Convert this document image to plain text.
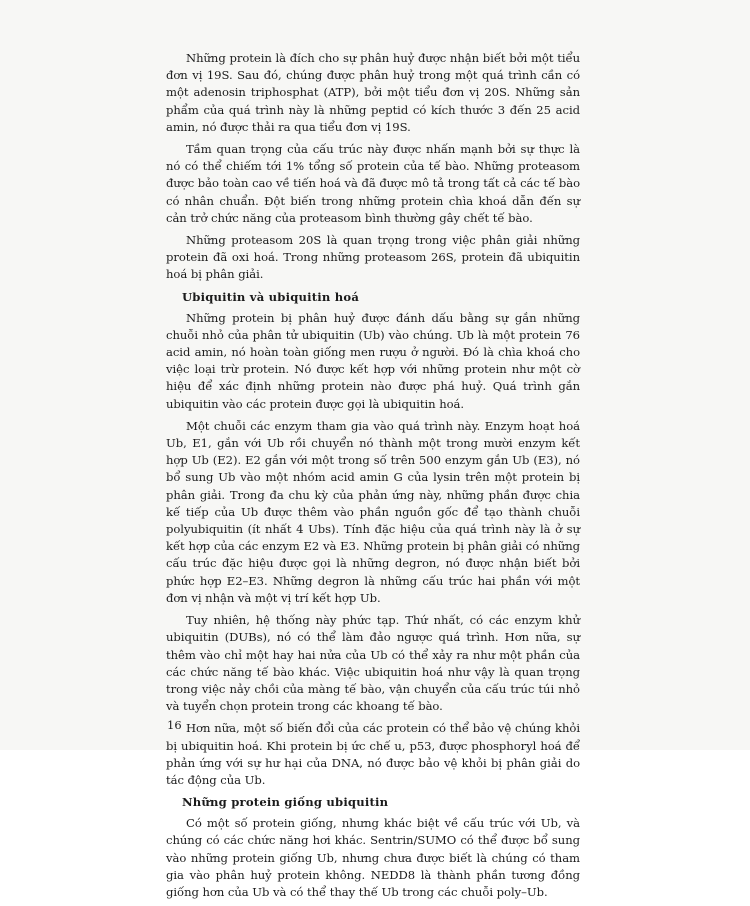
Những protein là đích cho sự phân huỷ được nhận biết bởi một tiểu đơn vị 19S. Sau đó, chúng được phân huỷ trong một quá trình cần có một adenosin triphosphat (ATP), bởi một tiểu đơn vị 20S. Những sản phẩm của quá trình này là những peptid có kích thước 3 đến 25 acid amin, nó được thải ra qua tiểu đơn vị 19S.

Tầm quan trọng của cấu trúc này được nhấn mạnh bởi sự thực là nó có thể chiếm tới 1% tổng số protein của tế bào. Những proteasom được bảo toàn cao về tiến hoá và đã được mô tả trong tất cả các tế bào có nhân chuẩn. Đột biến trong những protein chìa khoá dẫn đến sự cản trở chức năng của proteasom bình thường gây chết tế bào.

Những proteasom 20S là quan trọng trong việc phân giải những protein đã oxi hoá. Trong những proteasom 26S, protein đã ubiquitin hoá bị phân giải.

Ubiquitin và ubiquitin hoá

Những protein bị phân huỷ được đánh dấu bằng sự gắn những chuỗi nhỏ của phân tử ubiquitin (Ub) vào chúng. Ub là một protein 76 acid amin, nó hoàn toàn giống men rượu ở người. Đó là chìa khoá cho việc loại trừ protein. Nó được kết hợp với những protein như một cờ hiệu để xác định những protein nào được phá huỷ. Quá trình gắn ubiquitin vào các protein được gọi là ubiquitin hoá.

Một chuỗi các enzym tham gia vào quá trình này. Enzym hoạt hoá Ub, E1, gắn với Ub rồi chuyển nó thành một trong mười enzym kết hợp Ub (E2). E2 gắn với một trong số trên 500 enzym gắn Ub (E3), nó bổ sung Ub vào một nhóm acid amin G của lysin trên một protein bị phân giải. Trong đa chu kỳ của phản ứng này, những phần được chia kế tiếp của Ub được thêm vào phần nguồn gốc để tạo thành chuỗi polyubiquitin (ít nhất 4 Ubs). Tính đặc hiệu của quá trình này là ở sự kết hợp của các enzym E2 và E3. Những protein bị phân giải có những cấu trúc đặc hiệu được gọi là những degron, nó được nhận biết bởi phức hợp E2–E3. Những degron là những cấu trúc hai phần với một đơn vị nhận và một vị trí kết hợp Ub.

Tuy nhiên, hệ thống này phức tạp. Thứ nhất, có các enzym khử ubiquitin (DUBs), nó có thể làm đảo ngược quá trình. Hơn nữa, sự thêm vào chỉ một hay hai nửa của Ub có thể xảy ra như một phần của các chức năng tế bào khác. Việc ubiquitin hoá như vậy là quan trọng trong việc nảy chồi của màng tế bào, vận chuyển của cấu trúc túi nhỏ và tuyển chọn protein trong các khoang tế bào.

Hơn nữa, một số biến đổi của các protein có thể bảo vệ chúng khỏi bị ubiquitin hoá. Khi protein bị ức chế u, p53, được phosphoryl hoá để phản ứng với sự hư hại của DNA, nó được bảo vệ khỏi bị phân giải do tác động của Ub.

Những protein giống ubiquitin

Có một số protein giống, nhưng khác biệt về cấu trúc với Ub, và chúng có các chức năng hơi khác. Sentrin/SUMO có thể được bổ sung vào những protein giống Ub, nhưng chưa được biết là chúng có tham gia vào phân huỷ protein không. NEDD8 là thành phần tương đồng giống hơn của Ub và có thể thay thế Ub trong các chuỗi poly–Ub.

16
